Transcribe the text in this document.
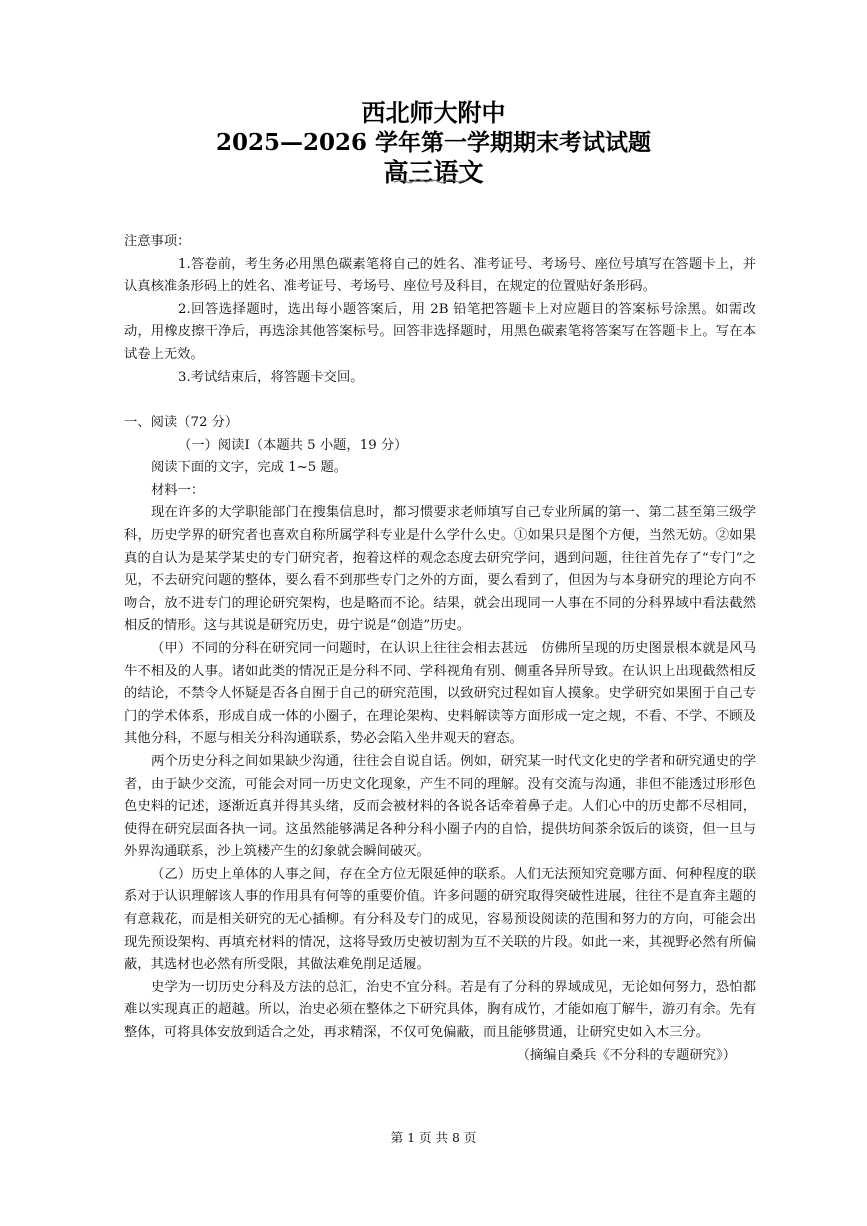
西北师大附中
2025—2026 学年第一学期期末考试试题
高三语文

注意事项：

1.答卷前，考生务必用黑色碳素笔将自己的姓名、准考证号、考场号、座位号填写在答题卡上，并认真核准条形码上的姓名、准考证号、考场号、座位号及科目，在规定的位置贴好条形码。

2.回答选择题时，选出每小题答案后，用 2B 铅笔把答题卡上对应题目的答案标号涂黑。如需改动，用橡皮擦干净后，再选涂其他答案标号。回答非选择题时，用黑色碳素笔将答案写在答题卡上。写在本试卷上无效。

3.考试结束后，将答题卡交回。

一、阅读（72 分）

（一）阅读Ⅰ（本题共 5 小题，19 分）

阅读下面的文字，完成 1~5 题。

材料一：

现在许多的大学职能部门在搜集信息时，都习惯要求老师填写自己专业所属的第一、第二甚至第三级学科，历史学界的研究者也喜欢自称所属学科专业是什么学什么史。①如果只是图个方便，当然无妨。②如果真的自认为是某学某史的专门研究者，抱着这样的观念态度去研究学问，遇到问题，往往首先存了“专门”之见，不去研究问题的整体，要么看不到那些专门之外的方面，要么看到了，但因为与本身研究的理论方向不吻合，放不进专门的理论研究架构，也是略而不论。结果，就会出现同一人事在不同的分科界域中看法截然相反的情形。这与其说是研究历史，毋宁说是“创造”历史。

（甲）不同的分科在研究同一问题时，在认识上往往会相去甚远　仿佛所呈现的历史图景根本就是风马牛不相及的人事。诸如此类的情况正是分科不同、学科视角有别、侧重各异所导致。在认识上出现截然相反的结论，不禁令人怀疑是否各自囿于自己的研究范围，以致研究过程如盲人摸象。史学研究如果囿于自己专门的学术体系，形成自成一体的小圈子，在理论架构、史料解读等方面形成一定之规，不看、不学、不顾及其他分科，不愿与相关分科沟通联系，势必会陷入坐井观天的窘态。

两个历史分科之间如果缺少沟通，往往会自说自话。例如，研究某一时代文化史的学者和研究通史的学者，由于缺少交流，可能会对同一历史文化现象，产生不同的理解。没有交流与沟通，非但不能透过形形色色史料的记述，逐渐近真并得其头绪，反而会被材料的各说各话牵着鼻子走。人们心中的历史都不尽相同，使得在研究层面各执一词。这虽然能够满足各种分科小圈子内的自恰，提供坊间茶余饭后的谈资，但一旦与外界沟通联系，沙上筑楼产生的幻象就会瞬间破灭。

（乙）历史上单体的人事之间，存在全方位无限延伸的联系。人们无法预知究竟哪方面、何种程度的联系对于认识理解该人事的作用具有何等的重要价值。许多问题的研究取得突破性进展，往往不是直奔主题的有意栽花，而是相关研究的无心插柳。有分科及专门的成见，容易预设阅读的范围和努力的方向，可能会出现先预设架构、再填充材料的情况，这将导致历史被切割为互不关联的片段。如此一来，其视野必然有所偏蔽，其选材也必然有所受限，其做法难免削足适履。

史学为一切历史分科及方法的总汇，治史不宜分科。若是有了分科的界域成见，无论如何努力，恐怕都难以实现真正的超越。所以，治史必须在整体之下研究具体，胸有成竹，才能如庖丁解牛，游刃有余。先有整体，可将具体安放到适合之处，再求精深，不仅可免偏蔽，而且能够贯通，让研究史如入木三分。

（摘编自桑兵《不分科的专题研究》）

第 1 页 共 8 页
